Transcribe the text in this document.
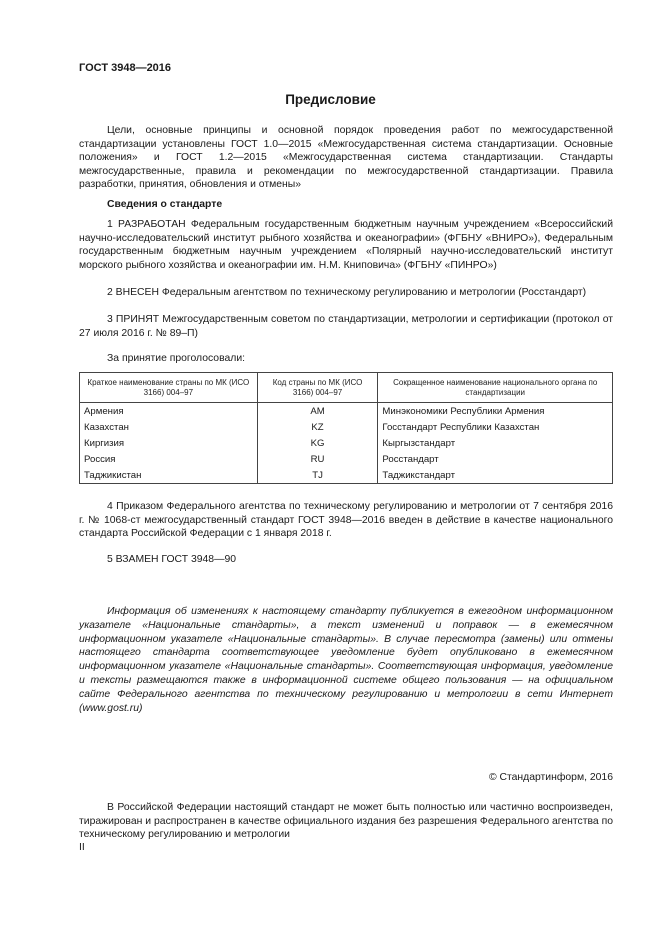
ГОСТ 3948—2016
Предисловие

Цели, основные принципы и основной порядок проведения работ по межгосударственной стандартизации установлены ГОСТ 1.0—2015 «Межгосударственная система стандартизации. Основные положения» и ГОСТ 1.2—2015 «Межгосударственная система стандартизации. Стандарты межгосударственные, правила и рекомендации по межгосударственной стандартизации. Правила разработки, принятия, обновления и отмены»

Сведения о стандарте

1 РАЗРАБОТАН Федеральным государственным бюджетным научным учреждением «Всероссийский научно-исследовательский институт рыбного хозяйства и океанографии» (ФГБНУ «ВНИРО»), Федеральным государственным бюджетным научным учреждением «Полярный научно-исследовательский институт морского рыбного хозяйства и океанографии им. Н.М. Книповича» (ФГБНУ «ПИНРО»)

2 ВНЕСЕН Федеральным агентством по техническому регулированию и метрологии (Росстандарт)

3 ПРИНЯТ Межгосударственным советом по стандартизации, метрологии и сертификации (протокол от 27 июля 2016 г. № 89–П)

За принятие проголосовали:
Краткое наименование страны по МК (ИСО 3166) 004–97	Код страны по МК (ИСО 3166) 004–97	Сокращенное наименование национального органа по стандартизации
Армения	AM	Минэкономики Республики Армения
Казахстан	KZ	Госстандарт Республики Казахстан
Киргизия	KG	Кыргызстандарт
Россия	RU	Росстандарт
Таджикистан	TJ	Таджикстандарт

4 Приказом Федерального агентства по техническому регулированию и метрологии от 7 сентября 2016 г. № 1068-ст межгосударственный стандарт ГОСТ 3948—2016 введен в действие в качестве национального стандарта Российской Федерации с 1 января 2018 г.

5 ВЗАМЕН ГОСТ 3948—90

Информация об изменениях к настоящему стандарту публикуется в ежегодном информационном указателе «Национальные стандарты», а текст изменений и поправок — в ежемесячном информационном указателе «Национальные стандарты». В случае пересмотра (замены) или отмены настоящего стандарта соответствующее уведомление будет опубликовано в ежемесячном информационном указателе «Национальные стандарты». Соответствующая информация, уведомление и тексты размещаются также в информационной системе общего пользования — на официальном сайте Федерального агентства по техническому регулированию и метрологии в сети Интернет (www.gost.ru)

© Стандартинформ, 2016

В Российской Федерации настоящий стандарт не может быть полностью или частично воспроизведен, тиражирован и распространен в качестве официального издания без разрешения Федерального агентства по техническому регулированию и метрологии

II
